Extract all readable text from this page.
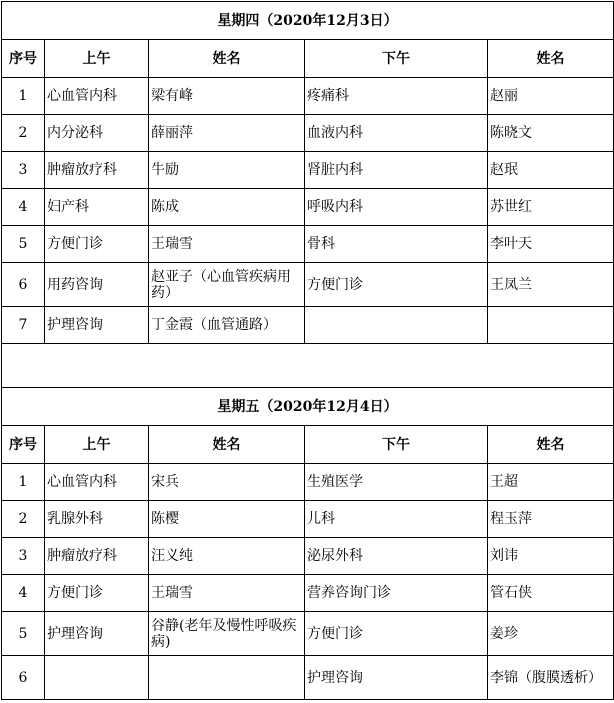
星期四（2020年12月3日）				
序号	上午	姓名	下午	姓名
1	心血管内科	梁有峰	疼痛科	赵丽
2	内分泌科	薛丽萍	血液内科	陈晓文
3	肿瘤放疗科	牛励	肾脏内科	赵珉
4	妇产科	陈成	呼吸内科	苏世红
5	方便门诊	王瑞雪	骨科	李叶天
6	用药咨询	赵亚子（心血管疾病用药）	方便门诊	王凤兰
7	护理咨询	丁金霞（血管通路）		

星期五（2020年12月4日）				
序号	上午	姓名	下午	姓名
1	心血管内科	宋兵	生殖医学	王超
2	乳腺外科	陈樱	儿科	程玉萍
3	肿瘤放疗科	汪义纯	泌尿外科	刘讳
4	方便门诊	王瑞雪	营养咨询门诊	管石侠
5	护理咨询	谷静(老年及慢性呼吸疾病)	方便门诊	姜珍
6			护理咨询	李锦（腹膜透析）
